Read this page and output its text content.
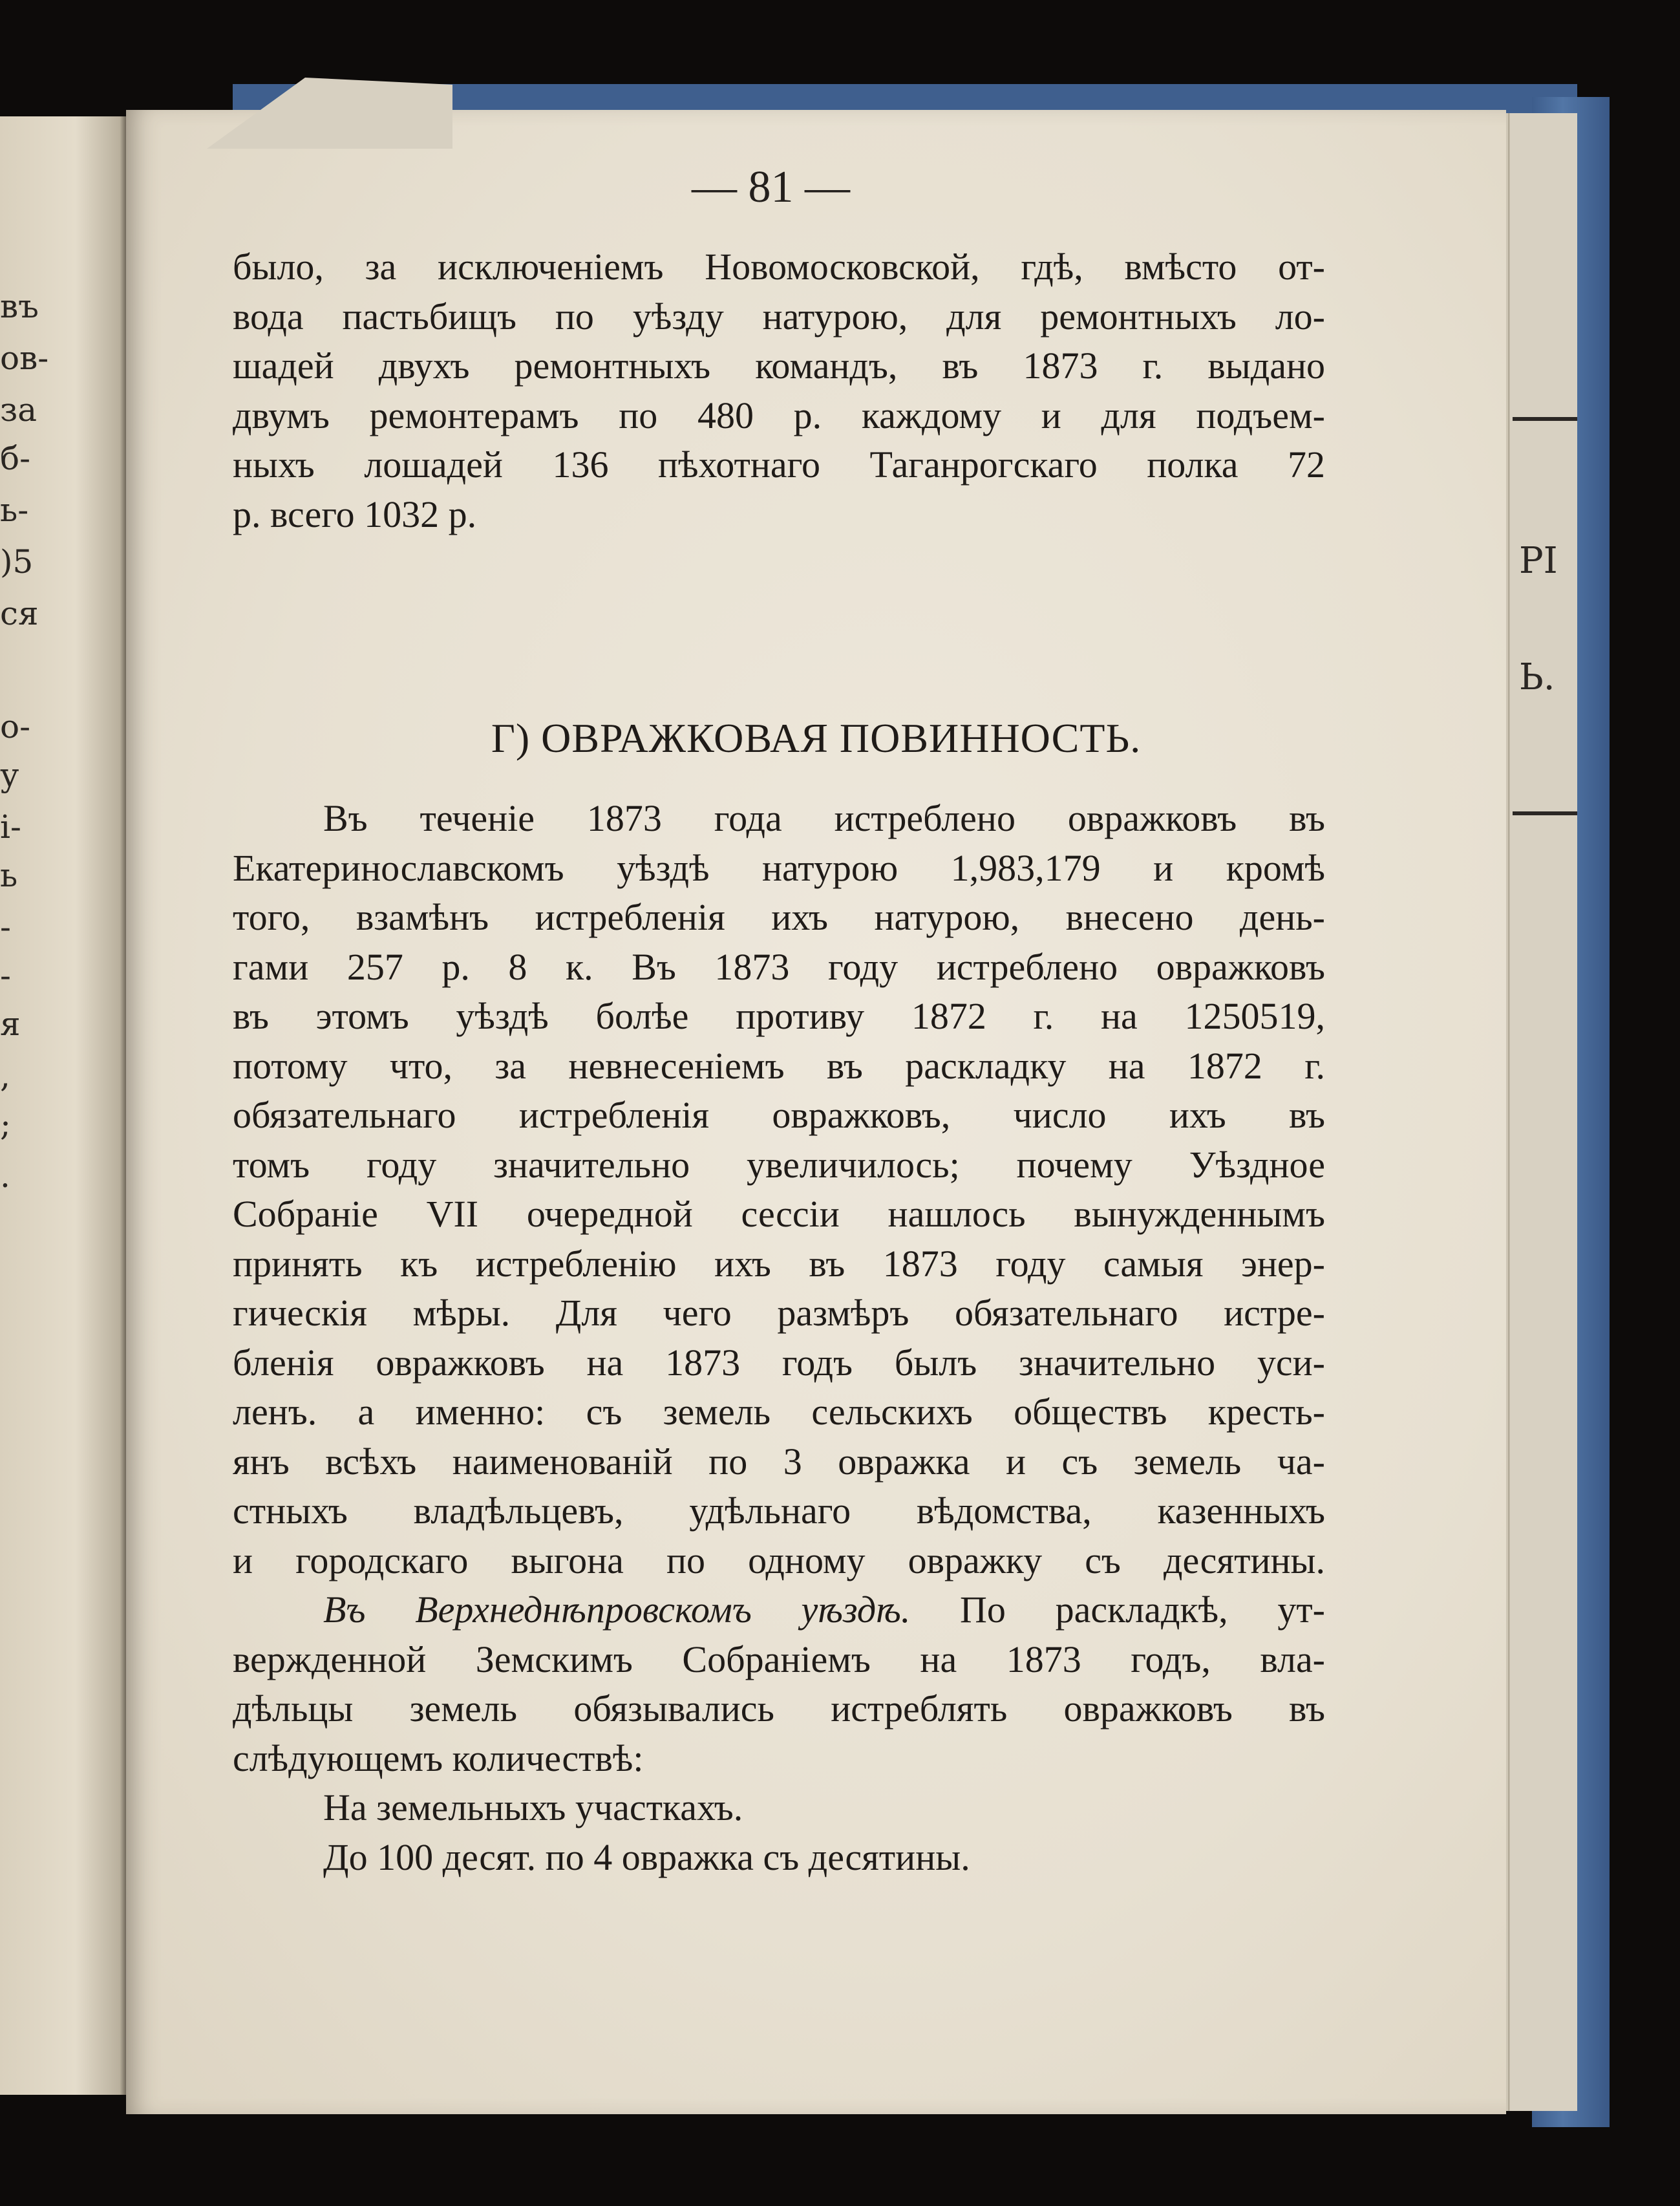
въ
ов-
за
б-
ь-
)5
ся
о-
у
і-
ь
-
-
я
,
;
.
РІ
Ь.
— 81 —
было, за исключеніемъ Новомосковской, гдѣ, вмѣсто от-
вода пастьбищъ по уѣзду натурою, для ремонтныхъ ло-
шадей двухъ ремонтныхъ командъ, въ 1873 г. выдано
двумъ ремонтерамъ по 480 р. каждому и для подъем-
ныхъ лошадей 136 пѣхотнаго Таганрогскаго полка 72
р. всего 1032 р.
Г) ОВРАЖКОВАЯ ПОВИННОСТЬ.
Въ теченіе 1873 года истреблено овражковъ въ
Екатеринославскомъ уѣздѣ натурою 1,983,179 и кромѣ
того, взамѣнъ истребленія ихъ натурою, внесено день-
гами 257 р. 8 к. Въ 1873 году истреблено овражковъ
въ этомъ уѣздѣ болѣе противу 1872 г. на 1250519,
потому что, за невнесеніемъ въ раскладку на 1872 г.
обязательнаго истребленія овражковъ, число ихъ въ
томъ году значительно увеличилось; почему Уѣздное
Собраніе VII очередной сессіи нашлось вынужденнымъ
принять къ истребленію ихъ въ 1873 году самыя энер-
гическія мѣры. Для чего размѣръ обязательнаго истре-
бленія овражковъ на 1873 годъ былъ значительно уси-
ленъ. а именно: съ земель сельскихъ обществъ кресть-
янъ всѣхъ наименованій по 3 овражка и съ земель ча-
стныхъ владѣльцевъ, удѣльнаго вѣдомства, казенныхъ
и городскаго выгона по одному овражку съ десятины.
Въ Верхнеднѣпровскомъ уѣздѣ. По раскладкѣ, ут-
вержденной Земскимъ Собраніемъ на 1873 годъ, вла-
дѣльцы земель обязывались истреблять овражковъ въ
слѣдующемъ количествѣ:
На земельныхъ участкахъ.
До 100 десят. по 4 овражка съ десятины.
